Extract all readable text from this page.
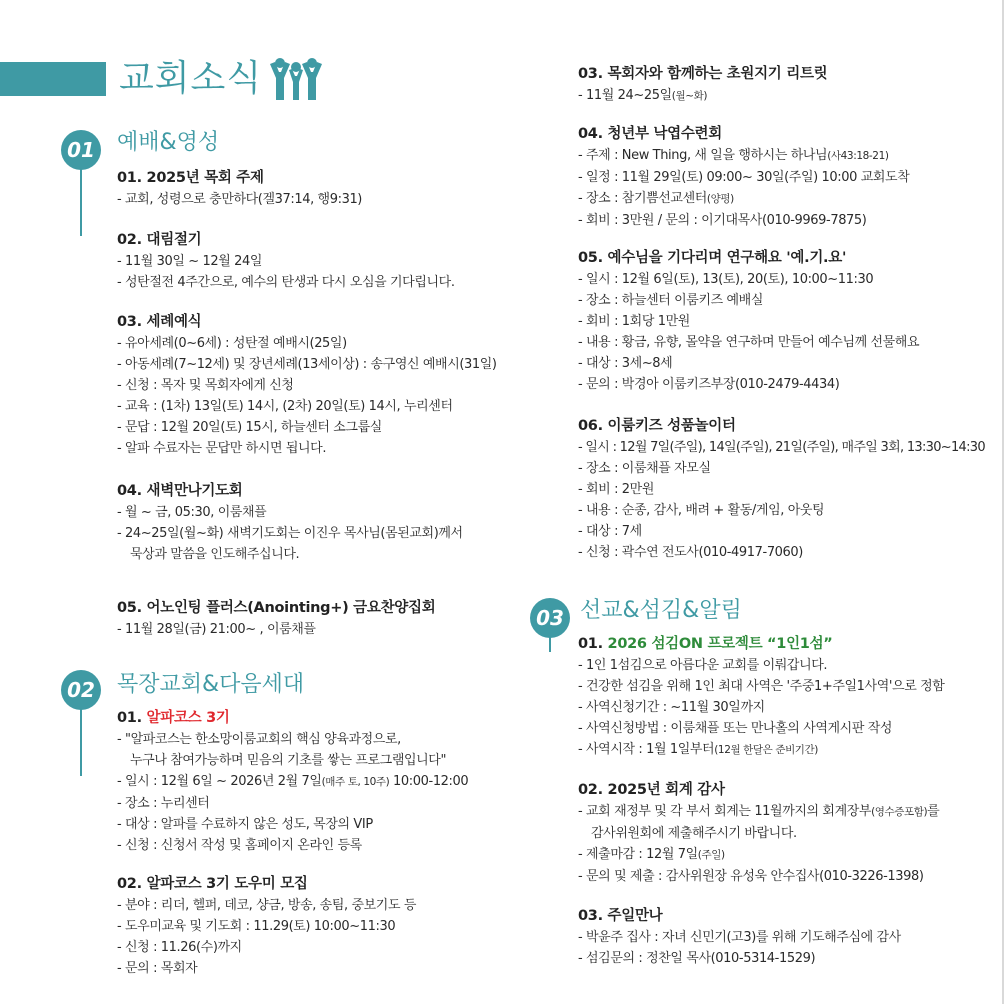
교회소식
01 예배&영성
01. 2025년 목회 주제
- 교회, 성령으로 충만하다(겔37:14, 행9:31)
02. 대림절기
- 11월 30일 ~ 12월 24일
- 성탄절전 4주간으로, 예수의 탄생과 다시 오심을 기다립니다.
03. 세례예식
- 유아세례(0~6세) : 성탄절 예배시(25일)
- 아동세례(7~12세) 및 장년세례(13세이상) : 송구영신 예배시(31일)
- 신청 : 목자 및 목회자에게 신청
- 교육 : (1차) 13일(토) 14시, (2차) 20일(토) 14시, 누리센터
- 문답 : 12월 20일(토) 15시, 하늘센터 소그룹실
- 알파 수료자는 문답만 하시면 됩니다.
04. 새벽만나기도회
- 월 ~ 금, 05:30, 이룸채플
- 24~25일(월~화) 새벽기도회는 이진우 목사님(몸된교회)께서
묵상과 말씀을 인도해주십니다.
05. 어노인팅 플러스(Anointing+) 금요찬양집회
- 11월 28일(금) 21:00~ , 이룸채플
02 목장교회&다음세대
01. 알파코스 3기
- "알파코스는 한소망이룸교회의 핵심 양육과정으로,
누구나 참여가능하며 믿음의 기초를 쌓는 프로그램입니다"
- 일시 : 12월 6일 ~ 2026년 2월 7일(매주 토, 10주) 10:00-12:00
- 장소 : 누리센터
- 대상 : 알파를 수료하지 않은 성도, 목장의 VIP
- 신청 : 신청서 작성 및 홈페이지 온라인 등록
02. 알파코스 3기 도우미 모집
- 분야 : 리더, 헬퍼, 데코, 샹금, 방송, 송팀, 중보기도 등
- 도우미교육 및 기도회 : 11.29(토) 10:00~11:30
- 신청 : 11.26(수)까지
- 문의 : 목회자
03. 목회자와 함께하는 초원지기 리트릿
- 11월 24~25일(월~화)
04. 청년부 낙엽수련회
- 주제 : New Thing, 새 일을 행하시는 하나님(사43:18-21)
- 일정 : 11월 29일(토) 09:00~ 30일(주일) 10:00 교회도착
- 장소 : 참기쁨선교센터(양평)
- 회비 : 3만원 / 문의 : 이기대목사(010-9969-7875)
05. 예수님을 기다리며 연구해요 '예.기.요'
- 일시 : 12월 6일(토), 13(토), 20(토), 10:00~11:30
- 장소 : 하늘센터 이룸키즈 예배실
- 회비 : 1회당 1만원
- 내용 : 황금, 유향, 몰약을 연구하며 만들어 예수님께 선물해요
- 대상 : 3세~8세
- 문의 : 박경아 이룸키즈부장(010-2479-4434)
06. 이룸키즈 성품놀이터
- 일시 : 12월 7일(주일), 14일(주일), 21일(주일), 매주일 3회, 13:30~14:30
- 장소 : 이룸채플 자모실
- 회비 : 2만원
- 내용 : 순종, 감사, 배려 + 활동/게임, 아웃팅
- 대상 : 7세
- 신청 : 곽수연 전도사(010-4917-7060)
03 선교&섬김&알림
01. 2026 섬김ON 프로젝트 “1인1섬”
- 1인 1섬김으로 아름다운 교회를 이뤄갑니다.
- 건강한 섬김을 위해 1인 최대 사역은 '주중1+주일1사역'으로 정함
- 사역신청기간 : ~11월 30일까지
- 사역신청방법 : 이룸채플 또는 만나홀의 사역게시판 작성
- 사역시작 : 1월 1일부터(12월 한달은 준비기간)
02. 2025년 회계 감사
- 교회 재정부 및 각 부서 회계는 11월까지의 회계장부(영수증포함)를
감사위원회에 제출해주시기 바랍니다.
- 제출마감 : 12월 7일(주일)
- 문의 및 제출 : 감사위원장 유성욱 안수집사(010-3226-1398)
03. 주일만나
- 박윤주 집사 : 자녀 신민기(고3)를 위해 기도해주심에 감사
- 섬김문의 : 정찬일 목사(010-5314-1529)
